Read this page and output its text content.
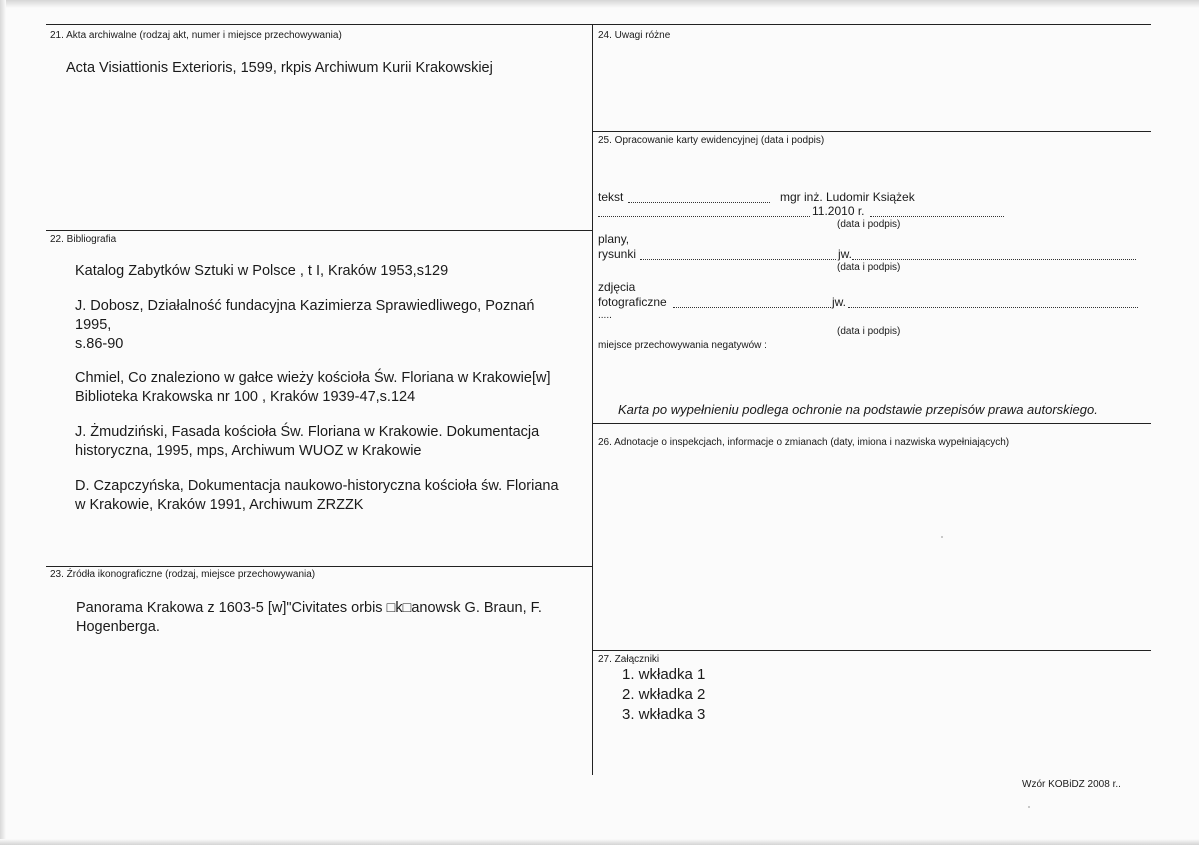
21. Akta archiwalne (rodzaj akt, numer i miejsce przechowywania)
Acta Visiattionis Exterioris, 1599, rkpis Archiwum Kurii Krakowskiej
22. Bibliografia
Katalog Zabytków Sztuki w Polsce , t I, Kraków 1953,s129
J. Dobosz, Działalność fundacyjna Kazimierza Sprawiedliwego, Poznań
1995,
s.86-90
Chmiel, Co znaleziono w gałce wieży kościoła Św. Floriana w Krakowie[w]
Biblioteka Krakowska nr 100 , Kraków 1939-47,s.124
J. Żmudziński, Fasada kościoła Św. Floriana w Krakowie. Dokumentacja
historyczna, 1995, mps, Archiwum WUOZ w Krakowie
D. Czapczyńska, Dokumentacja naukowo-historyczna kościoła św. Floriana
w Krakowie, Kraków 1991, Archiwum ZRZZK
23. Źródła ikonograficzne (rodzaj, miejsce przechowywania)
Panorama Krakowa z 1603-5 [w]"Civitates orbis □k□anowsk G. Braun, F.
Hogenberga.
24. Uwagi różne
25. Opracowanie karty ewidencyjnej (data i podpis)
tekst	mgr inż. Ludomir Książek
11.2010 r.
(data i podpis)
plany,
rysunki	jw.
(data i podpis)
zdjęcia
fotograficzne	jw.
.....
(data i podpis)
miejsce przechowywania negatywów :
Karta po wypełnieniu podlega ochronie na podstawie przepisów prawa autorskiego.
26. Adnotacje o inspekcjach, informacje o zmianach (daty, imiona i nazwiska wypełniających)
27. Załączniki
1. wkładka 1
2. wkładka 2
3. wkładka 3
Wzór KOBiDZ 2008 r..
